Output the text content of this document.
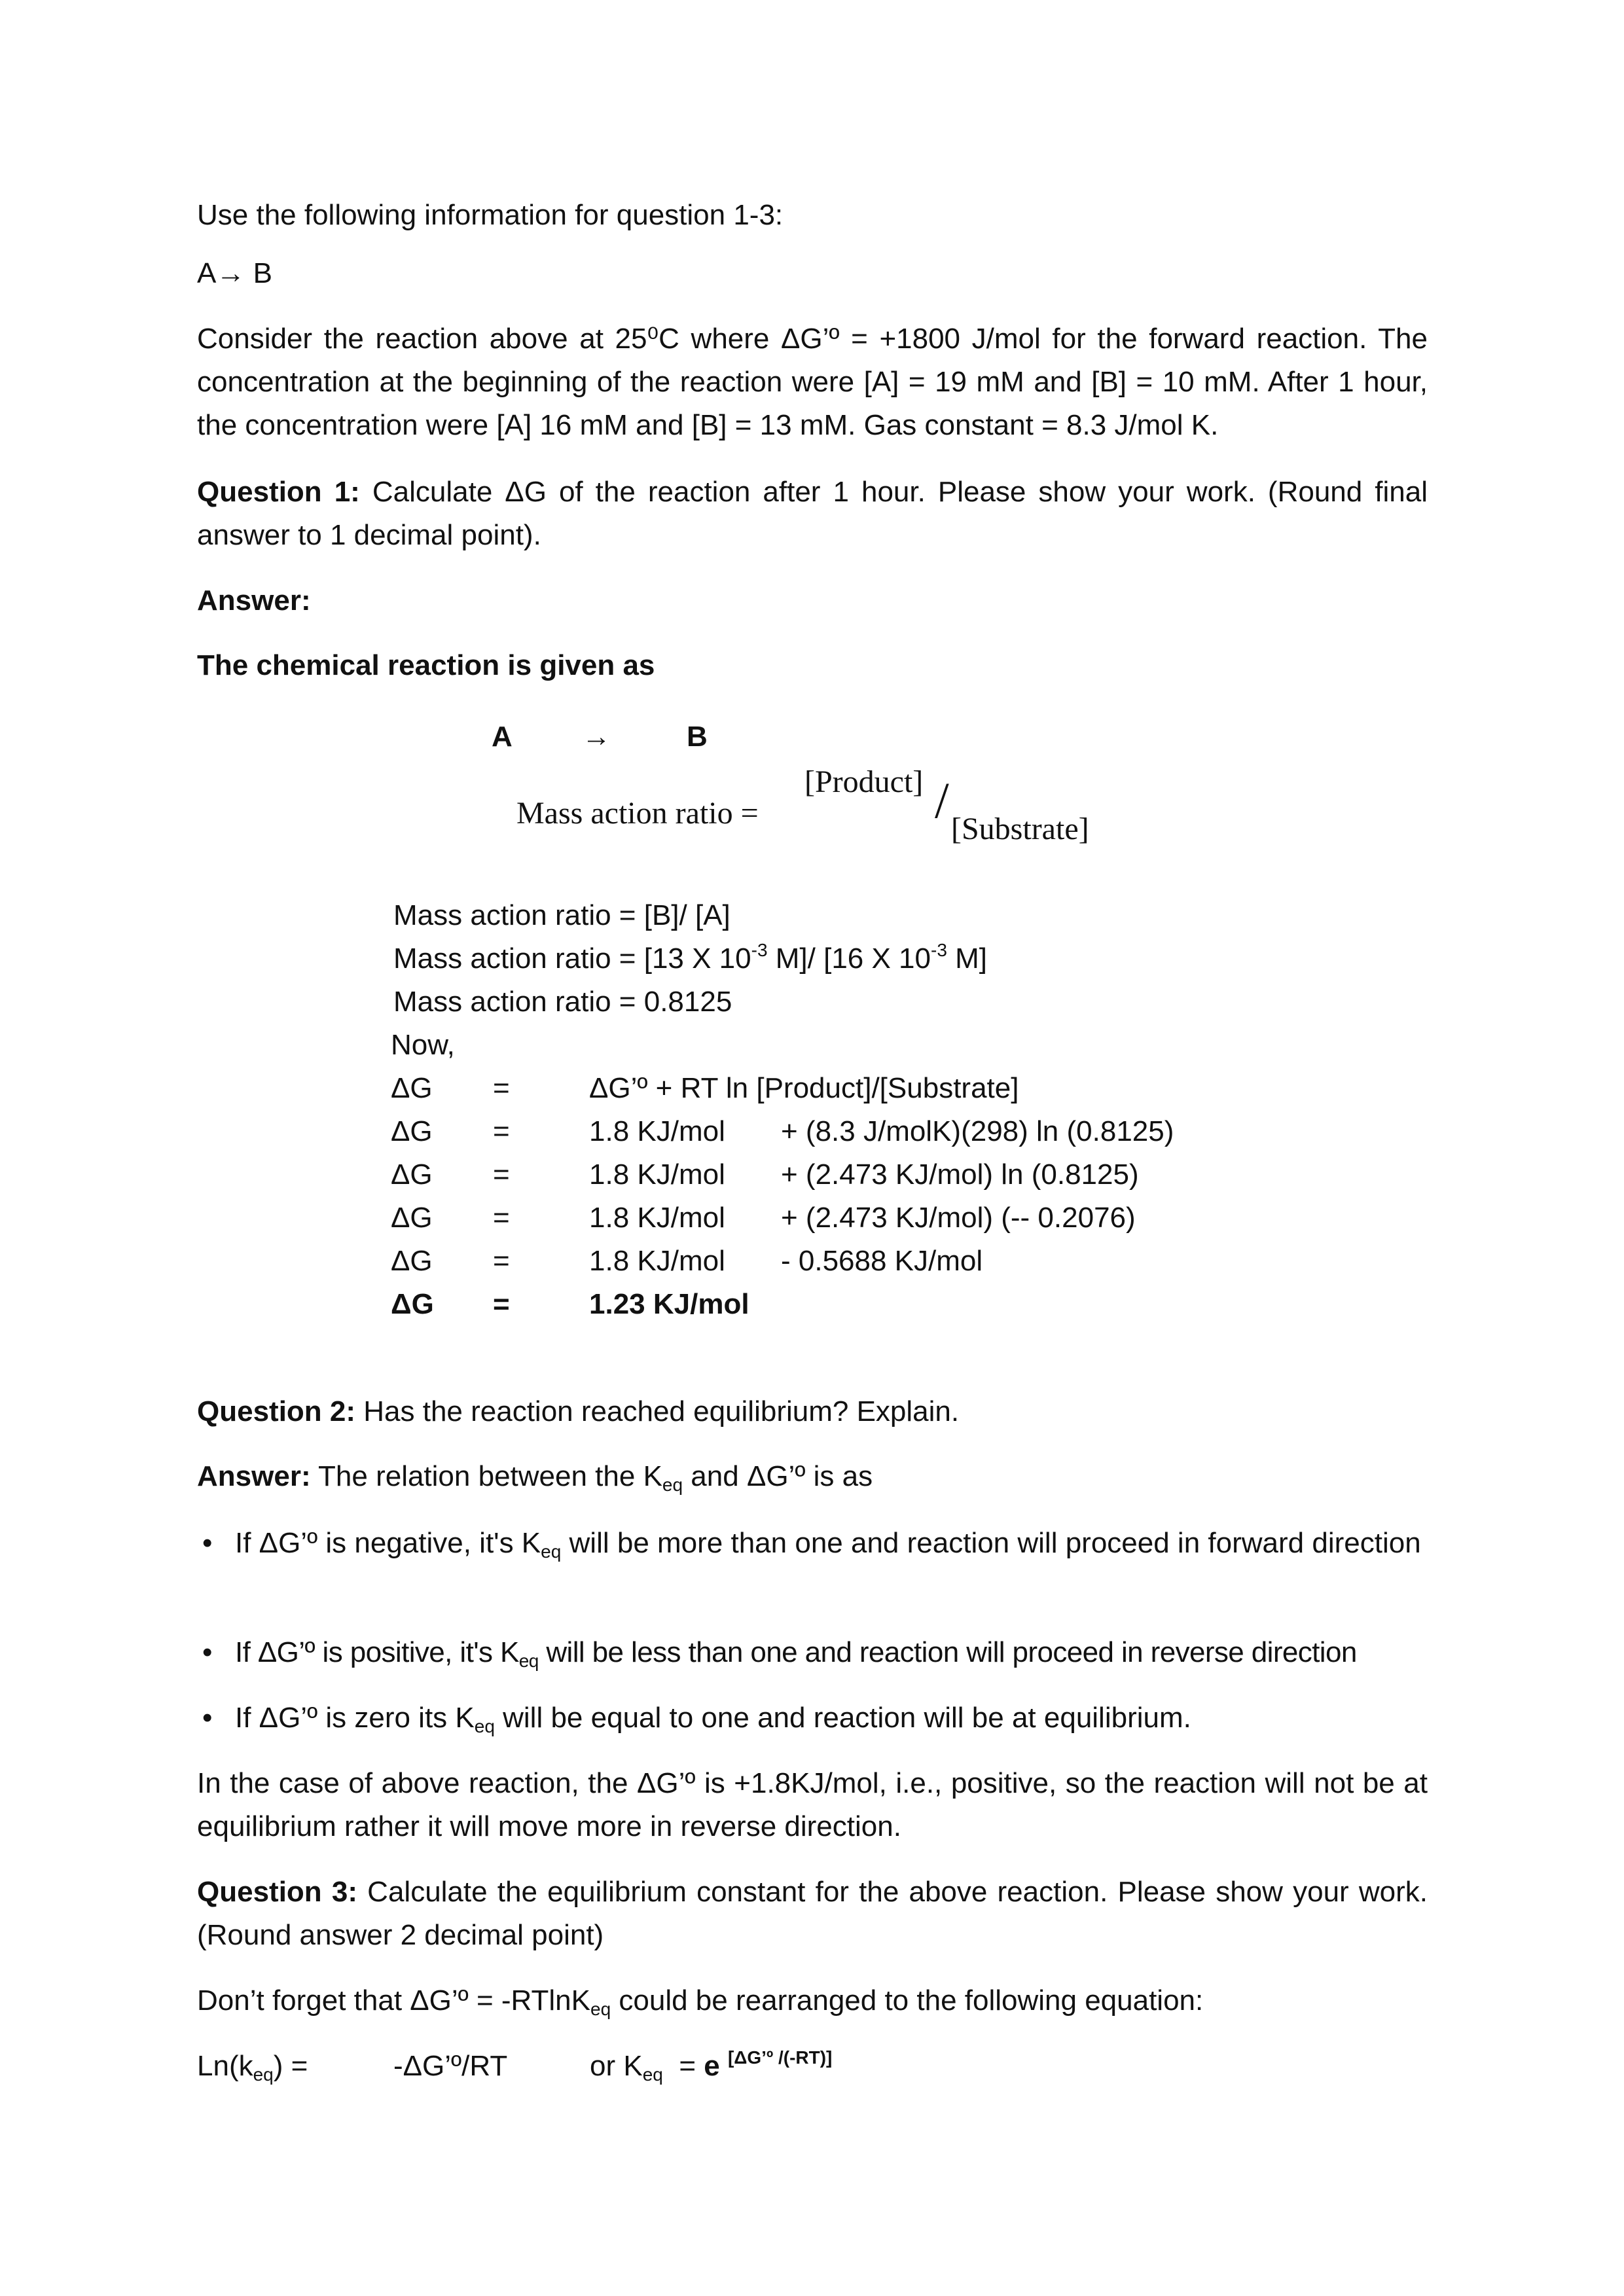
Use the following information for question 1-3:

A→ B

Consider the reaction above at 25⁰C where ΔG’º = +1800 J/mol for the forward reaction. The concentration at the beginning of the reaction were [A] = 19 mM and [B] = 10 mM. After 1 hour, the concentration were [A] 16 mM and [B] = 13 mM. Gas constant = 8.3 J/mol K.

Question 1: Calculate ΔG of the reaction after 1 hour. Please show your work. (Round final answer to 1 decimal point).

Answer:

The chemical reaction is given as

A →	B
Mass action ratio =
[Product] /
[Substrate]

Mass action ratio = [B]/ [A]

Mass action ratio = [13 X $10^{-3}$ M]/ [16 X $10^{-3}$ M]

Mass action ratio = 0.8125

Now,

ΔG =	ΔG’º + RT ln [Product]/[Substrate]
ΔG =	1.8 KJ/mol + (8.3 J/molK)(298) ln (0.8125)
ΔG =	1.8 KJ/mol + (2.473 KJ/mol) ln (0.8125)
ΔG =	1.8 KJ/mol + (2.473 KJ/mol) (-- 0.2076)
ΔG =	1.8 KJ/mol - 0.5688 KJ/mol
ΔG =	1.23 KJ/mol

Question 2: Has the reaction reached equilibrium? Explain.

Answer: The relation between the $K_{eq}$ and ΔG’º is as

• If ΔG’º is negative, it's $K_{eq}$ will be more than one and reaction will proceed in forward direction
• If ΔG’º is positive, it's $K_{eq}$ will be less than one and reaction will proceed in reverse direction
• If ΔG’º is zero its $K_{eq}$ will be equal to one and reaction will be at equilibrium.

In the case of above reaction, the ΔG’º is +1.8KJ/mol, i.e., positive, so the reaction will not be at equilibrium rather it will move more in reverse direction.

Question 3: Calculate the equilibrium constant for the above reaction. Please show your work. (Round answer 2 decimal point)

Don’t forget that ΔG’º = -RTlnK$_{eq}$ could be rearranged to the following equation:

$Ln(k_{eq})$ =	-ΔG’º/RT	or $K_{eq} = e$ [ΔG’º /(-RT)]
